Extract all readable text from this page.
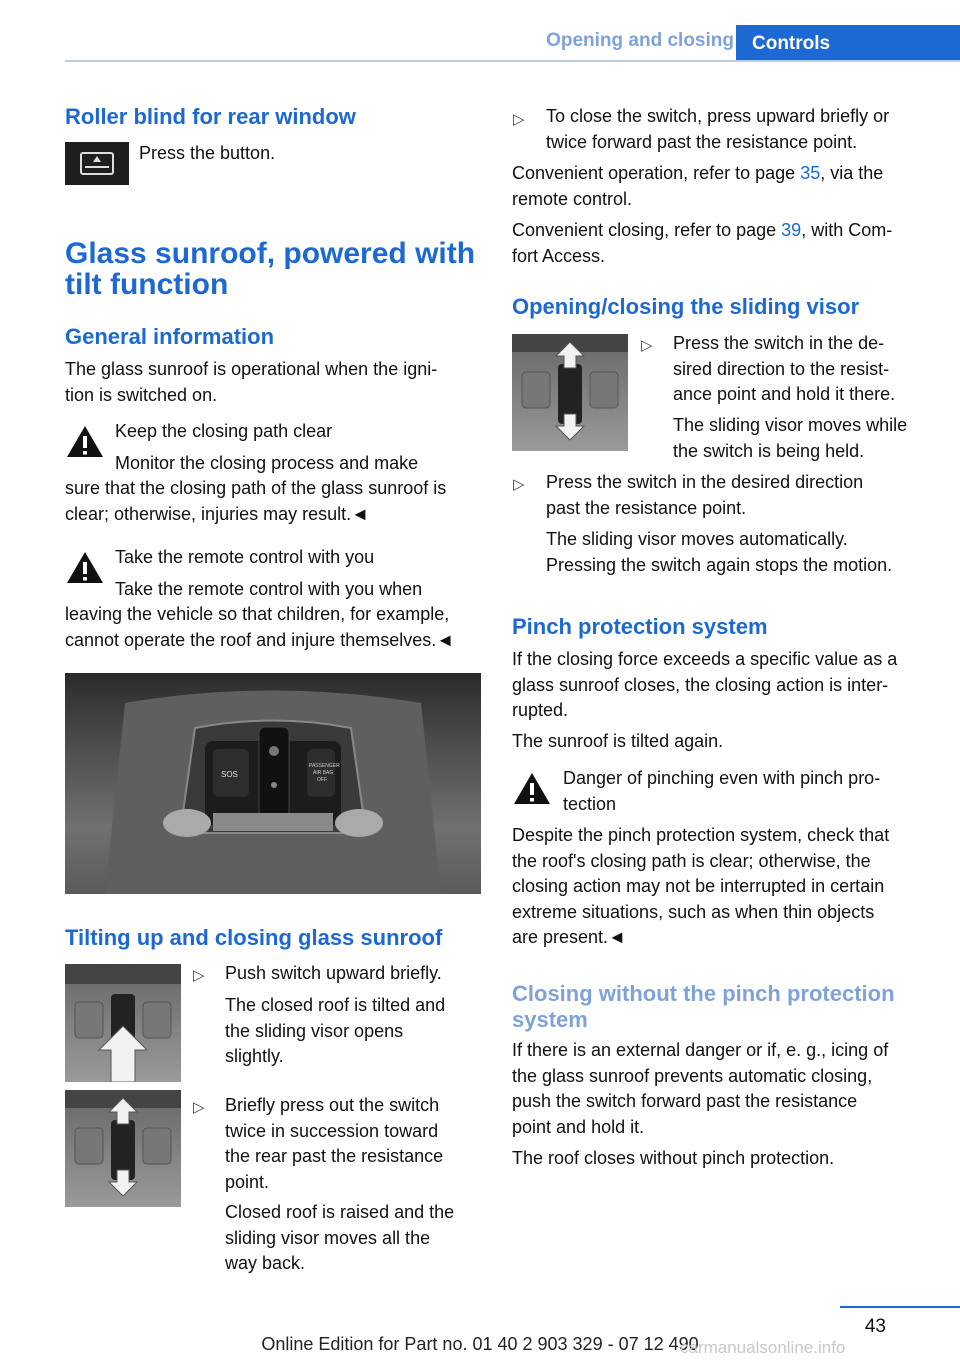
Opening and closing Controls
Roller blind for rear window
Press the button.
Glass sunroof, powered with
tilt function
General information

The glass sunroof is operational when the igni-

tion is switched on.

Keep the closing path clear
Monitor the closing process and make

sure that the closing path of the glass sunroof is

clear; otherwise, injuries may result.◄

Take the remote control with you
Take the remote control with you when

leaving the vehicle so that children, for example,

cannot operate the roof and injure themselves.◄

SOS
PASSENGER
AIR BAG
OFF
Tilting up and closing glass sunroof
▷ Push switch upward briefly.

The closed roof is tilted and

the sliding visor opens

slightly.

▷ Briefly press out the switch

twice in succession toward

the rear past the resistance

point.

Closed roof is raised and the

sliding visor moves all the

way back.

▷ To close the switch, press upward briefly or

twice forward past the resistance point.

Convenient operation, refer to page 35, via the

remote control.

Convenient closing, refer to page 39, with Com-

fort Access.

Opening/closing the sliding visor
▷ Press the switch in the de-

sired direction to the resist-

ance point and hold it there.

The sliding visor moves while

the switch is being held.

▷ Press the switch in the desired direction

past the resistance point.

The sliding visor moves automatically.

Pressing the switch again stops the motion.

Pinch protection system

If the closing force exceeds a specific value as a

glass sunroof closes, the closing action is inter-

rupted.

The sunroof is tilted again.

Danger of pinching even with pinch pro-

tection

Despite the pinch protection system, check that

the roof's closing path is clear; otherwise, the

closing action may not be interrupted in certain

extreme situations, such as when thin objects

are present.◄

Closing without the pinch protection
system

If there is an external danger or if, e. g., icing of

the glass sunroof prevents automatic closing,

push the switch forward past the resistance

point and hold it.

The roof closes without pinch protection.
43
Online Edition for Part no. 01 40 2 903 329 - 07 12 490
carmanualsonline.info
